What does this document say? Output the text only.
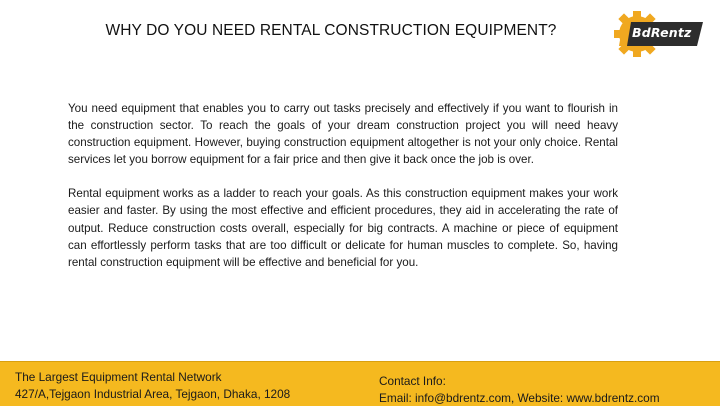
WHY DO YOU NEED RENTAL CONSTRUCTION EQUIPMENT?	BdRentz

You need equipment that enables you to carry out tasks precisely and effectively if you want to flourish in the construction sector. To reach the goals of your dream construction project you will need heavy construction equipment. However, buying construction equipment altogether is not your only choice. Rental services let you borrow equipment for a fair price and then give it back once the job is over.

Rental equipment works as a ladder to reach your goals. As this construction equipment makes your work easier and faster. By using the most effective and efficient procedures, they aid in accelerating the rate of output. Reduce construction costs overall, especially for big contracts. A machine or piece of equipment can effortlessly perform tasks that are too difficult or delicate for human muscles to complete. So, having rental construction equipment will be effective and beneficial for you.

The Largest Equipment Rental Network
427/A,Tejgaon Industrial Area, Tejgaon, Dhaka, 1208
Contact Info:
Email: info@bdrentz.com, Website: www.bdrentz.com
